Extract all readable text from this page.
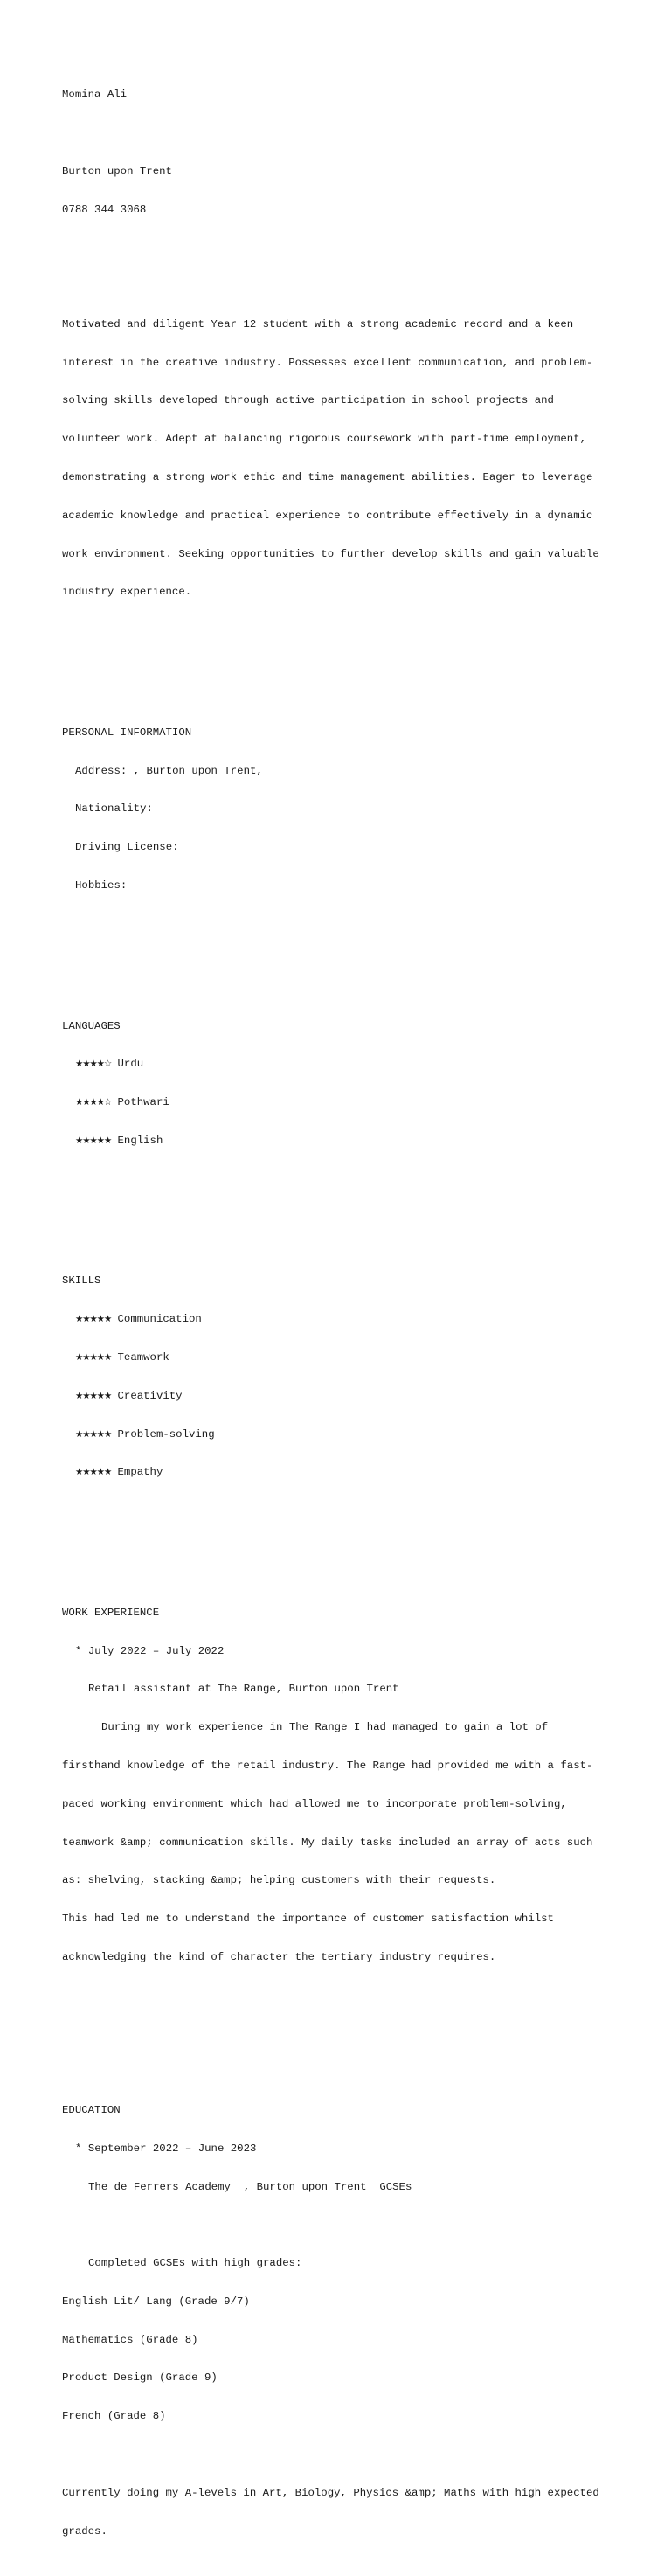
Momina Ali

Burton upon Trent

0788 344 3068

Motivated and diligent Year 12 student with a strong academic record and a keen

interest in the creative industry. Possesses excellent communication, and problem-

solving skills developed through active participation in school projects and

volunteer work. Adept at balancing rigorous coursework with part-time employment,

demonstrating a strong work ethic and time management abilities. Eager to leverage

academic knowledge and practical experience to contribute effectively in a dynamic

work environment. Seeking opportunities to further develop skills and gain valuable

industry experience.

PERSONAL INFORMATION

Address: , Burton upon Trent,

Nationality:

Driving License:

Hobbies:

LANGUAGES

★★★★☆ Urdu

★★★★☆ Pothwari

★★★★★ English

SKILLS

★★★★★ Communication

★★★★★ Teamwork

★★★★★ Creativity

★★★★★ Problem-solving

★★★★★ Empathy

WORK EXPERIENCE

* July 2022 – July 2022

Retail assistant at The Range, Burton upon Trent

During my work experience in The Range I had managed to gain a lot of

firsthand knowledge of the retail industry. The Range had provided me with a fast-

paced working environment which had allowed me to incorporate problem-solving,

teamwork &amp; communication skills. My daily tasks included an array of acts such

as: shelving, stacking &amp; helping customers with their requests.

This had led me to understand the importance of customer satisfaction whilst

acknowledging the kind of character the tertiary industry requires.

EDUCATION

* September 2022 – June 2023

The de Ferrers Academy  , Burton upon Trent  GCSEs

Completed GCSEs with high grades:

English Lit/ Lang (Grade 9/7)

Mathematics (Grade 8)

Product Design (Grade 9)

French (Grade 8)

Currently doing my A-levels in Art, Biology, Physics &amp; Maths with high expected

grades.
